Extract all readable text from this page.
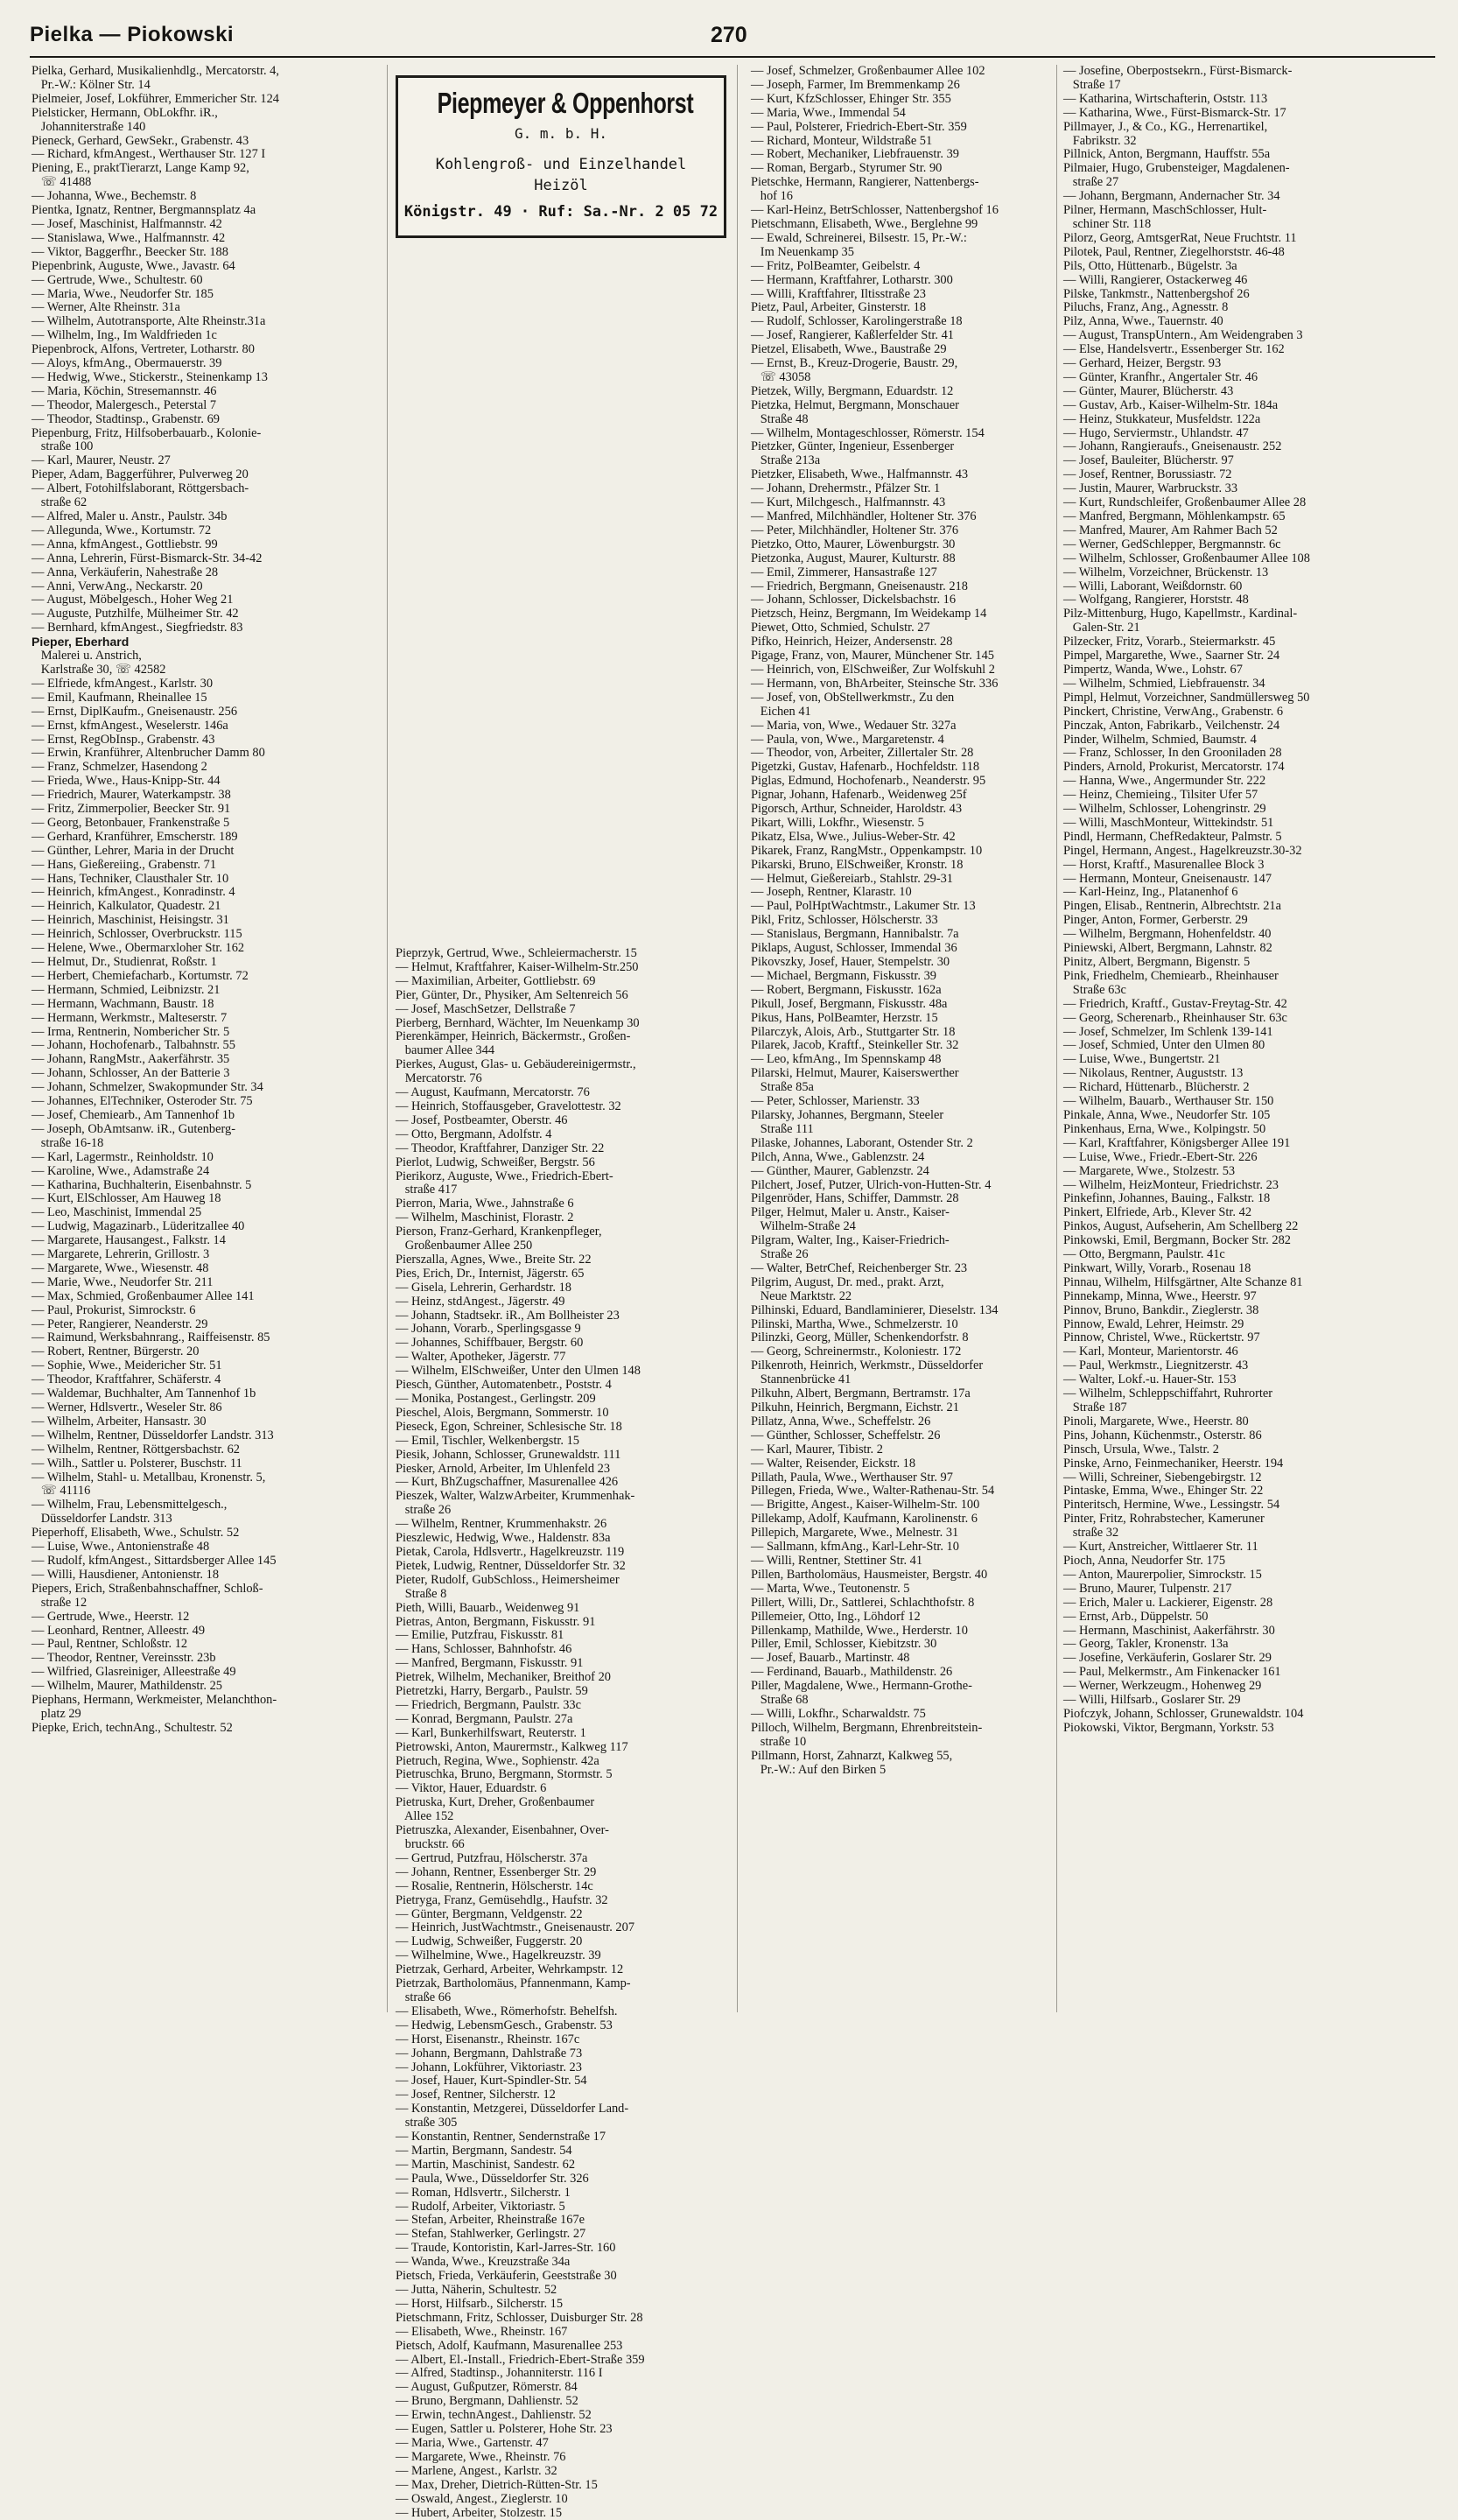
Pielka — Piokowski	270

Pielka, Gerhard, Musikalienhdlg., Mercatorstr. 4,

Pr.-W.: Kölner Str. 14

Pielmeier, Josef, Lokführer, Emmericher Str. 124

Pielsticker, Hermann, ObLokfhr. iR.,

Johanniterstraße 140

Pieneck, Gerhard, GewSekr., Grabenstr. 43

— Richard, kfmAngest., Werthauser Str. 127 I

Piening, E., praktTierarzt, Lange Kamp 92,

☏ 41488

— Johanna, Wwe., Bechemstr. 8

Pientka, Ignatz, Rentner, Bergmannsplatz 4a

— Josef, Maschinist, Halfmannstr. 42

— Stanislawa, Wwe., Halfmannstr. 42

— Viktor, Baggerfhr., Beecker Str. 188

Piepenbrink, Auguste, Wwe., Javastr. 64

— Gertrude, Wwe., Schultestr. 60

— Maria, Wwe., Neudorfer Str. 185

— Werner, Alte Rheinstr. 31a

— Wilhelm, Autotransporte, Alte Rheinstr.31a

— Wilhelm, Ing., Im Waldfrieden 1c

Piepenbrock, Alfons, Vertreter, Lotharstr. 80

— Aloys, kfmAng., Obermauerstr. 39

— Hedwig, Wwe., Stickerstr., Steinenkamp 13

— Maria, Köchin, Stresemannstr. 46

— Theodor, Malergesch., Peterstal 7

— Theodor, Stadtinsp., Grabenstr. 69

Piepenburg, Fritz, Hilfsoberbauarb., Kolonie-

straße 100

— Karl, Maurer, Neustr. 27

Pieper, Adam, Baggerführer, Pulverweg 20

— Albert, Fotohilfslaborant, Röttgersbach-

straße 62

— Alfred, Maler u. Anstr., Paulstr. 34b

— Allegunda, Wwe., Kortumstr. 72

— Anna, kfmAngest., Gottliebstr. 99

— Anna, Lehrerin, Fürst-Bismarck-Str. 34-42

— Anna, Verkäuferin, Nahestraße 28

— Anni, VerwAng., Neckarstr. 20

— August, Möbelgesch., Hoher Weg 21

— Auguste, Putzhilfe, Mülheimer Str. 42

— Bernhard, kfmAngest., Siegfriedstr. 83

Pieper, Eberhard

Malerei u. Anstrich,

Karlstraße 30, ☏ 42582

— Elfriede, kfmAngest., Karlstr. 30

— Emil, Kaufmann, Rheinallee 15

— Ernst, DiplKaufm., Gneisenaustr. 256

— Ernst, kfmAngest., Weselerstr. 146a

— Ernst, RegObInsp., Grabenstr. 43

— Erwin, Kranführer, Altenbrucher Damm 80

— Franz, Schmelzer, Hasendong 2

— Frieda, Wwe., Haus-Knipp-Str. 44

— Friedrich, Maurer, Waterkampstr. 38

— Fritz, Zimmerpolier, Beecker Str. 91

— Georg, Betonbauer, Frankenstraße 5

— Gerhard, Kranführer, Emscherstr. 189

— Günther, Lehrer, Maria in der Drucht

— Hans, Gießereiing., Grabenstr. 71

— Hans, Techniker, Clausthaler Str. 10

— Heinrich, kfmAngest., Konradinstr. 4

— Heinrich, Kalkulator, Quadestr. 21

— Heinrich, Maschinist, Heisingstr. 31

— Heinrich, Schlosser, Overbruckstr. 115

— Helene, Wwe., Obermarxloher Str. 162

— Helmut, Dr., Studienrat, Roßstr. 1

— Herbert, Chemiefacharb., Kortumstr. 72

— Hermann, Schmied, Leibnizstr. 21

— Hermann, Wachmann, Baustr. 18

— Hermann, Werkmstr., Malteserstr. 7

— Irma, Rentnerin, Nombericher Str. 5

— Johann, Hochofenarb., Talbahnstr. 55

— Johann, RangMstr., Aakerfährstr. 35

— Johann, Schlosser, An der Batterie 3

— Johann, Schmelzer, Swakopmunder Str. 34

— Johannes, ElTechniker, Osteroder Str. 75

— Josef, Chemiearb., Am Tannenhof 1b

— Joseph, ObAmtsanw. iR., Gutenberg-

straße 16-18

— Karl, Lagermstr., Reinholdstr. 10

— Karoline, Wwe., Adamstraße 24

— Katharina, Buchhalterin, Eisenbahnstr. 5

— Kurt, ElSchlosser, Am Hauweg 18

— Leo, Maschinist, Immendal 25

— Ludwig, Magazinarb., Lüderitzallee 40

— Margarete, Hausangest., Falkstr. 14

— Margarete, Lehrerin, Grillostr. 3

— Margarete, Wwe., Wiesenstr. 48

— Marie, Wwe., Neudorfer Str. 211

— Max, Schmied, Großenbaumer Allee 141

— Paul, Prokurist, Simrockstr. 6

— Peter, Rangierer, Neanderstr. 29

— Raimund, Werksbahnrang., Raiffeisenstr. 85

— Robert, Rentner, Bürgerstr. 20

— Sophie, Wwe., Meidericher Str. 51

— Theodor, Kraftfahrer, Schäferstr. 4

— Waldemar, Buchhalter, Am Tannenhof 1b

— Werner, Hdlsvertr., Weseler Str. 86

— Wilhelm, Arbeiter, Hansastr. 30

— Wilhelm, Rentner, Düsseldorfer Landstr. 313

— Wilhelm, Rentner, Röttgersbachstr. 62

— Wilh., Sattler u. Polsterer, Buschstr. 11

— Wilhelm, Stahl- u. Metallbau, Kronenstr. 5,

☏ 41116

— Wilhelm, Frau, Lebensmittelgesch.,

Düsseldorfer Landstr. 313

Pieperhoff, Elisabeth, Wwe., Schulstr. 52

— Luise, Wwe., Antonienstraße 48

— Rudolf, kfmAngest., Sittardsberger Allee 145

— Willi, Hausdiener, Antonienstr. 18

Piepers, Erich, Straßenbahnschaffner, Schloß-

straße 12

— Gertrude, Wwe., Heerstr. 12

— Leonhard, Rentner, Alleestr. 49

— Paul, Rentner, Schloßstr. 12

— Theodor, Rentner, Vereinsstr. 23b

— Wilfried, Glasreiniger, Alleestraße 49

— Wilhelm, Maurer, Mathildenstr. 25

Piephans, Hermann, Werkmeister, Melanchthon-

platz 29

Piepke, Erich, technAng., Schultestr. 52

Piepmeyer & Oppenhorst
G. m. b. H.
Kohlengroß- und Einzelhandel
Heizöl
Königstr. 49 · Ruf: Sa.-Nr. 2 05 72

Pieprzyk, Gertrud, Wwe., Schleiermacherstr. 15

— Helmut, Kraftfahrer, Kaiser-Wilhelm-Str.250

— Maximilian, Arbeiter, Gottliebstr. 69

Pier, Günter, Dr., Physiker, Am Seltenreich 56

— Josef, MaschSetzer, Dellstraße 7

Pierberg, Bernhard, Wächter, Im Neuenkamp 30

Pierenkämper, Heinrich, Bäckermstr., Großen-

baumer Allee 344

Pierkes, August, Glas- u. Gebäudereinigermstr.,

Mercatorstr. 76

— August, Kaufmann, Mercatorstr. 76

— Heinrich, Stoffausgeber, Gravelottestr. 32

— Josef, Postbeamter, Oberstr. 46

— Otto, Bergmann, Adolfstr. 4

— Theodor, Kraftfahrer, Danziger Str. 22

Pierlot, Ludwig, Schweißer, Bergstr. 56

Pierikorz, Auguste, Wwe., Friedrich-Ebert-

straße 417

Pierron, Maria, Wwe., Jahnstraße 6

— Wilhelm, Maschinist, Florastr. 2

Pierson, Franz-Gerhard, Krankenpfleger,

Großenbaumer Allee 250

Pierszalla, Agnes, Wwe., Breite Str. 22

Pies, Erich, Dr., Internist, Jägerstr. 65

— Gisela, Lehrerin, Gerhardstr. 18

— Heinz, stdAngest., Jägerstr. 49

— Johann, Stadtsekr. iR., Am Bollheister 23

— Johann, Vorarb., Sperlingsgasse 9

— Johannes, Schiffbauer, Bergstr. 60

— Walter, Apotheker, Jägerstr. 77

— Wilhelm, ElSchweißer, Unter den Ulmen 148

Piesch, Günther, Automatenbetr., Poststr. 4

— Monika, Postangest., Gerlingstr. 209

Pieschel, Alois, Bergmann, Sommerstr. 10

Pieseck, Egon, Schreiner, Schlesische Str. 18

— Emil, Tischler, Welkenbergstr. 15

Piesik, Johann, Schlosser, Grunewaldstr. 111

Piesker, Arnold, Arbeiter, Im Uhlenfeld 23

— Kurt, BhZugschaffner, Masurenallee 426

Pieszek, Walter, WalzwArbeiter, Krummenhak-

straße 26

— Wilhelm, Rentner, Krummenhakstr. 26

Pieszlewic, Hedwig, Wwe., Haldenstr. 83a

Pietak, Carola, Hdlsvertr., Hagelkreuzstr. 119

Pietek, Ludwig, Rentner, Düsseldorfer Str. 32

Pieter, Rudolf, GubSchloss., Heimersheimer

Straße 8

Pieth, Willi, Bauarb., Weidenweg 91

Pietras, Anton, Bergmann, Fiskusstr. 91

— Emilie, Putzfrau, Fiskusstr. 81

— Hans, Schlosser, Bahnhofstr. 46

— Manfred, Bergmann, Fiskusstr. 91

Pietrek, Wilhelm, Mechaniker, Breithof 20

Pietretzki, Harry, Bergarb., Paulstr. 59

— Friedrich, Bergmann, Paulstr. 33c

— Konrad, Bergmann, Paulstr. 27a

— Karl, Bunkerhilfswart, Reuterstr. 1

Pietrowski, Anton, Maurermstr., Kalkweg 117

Pietruch, Regina, Wwe., Sophienstr. 42a

Pietruschka, Bruno, Bergmann, Stormstr. 5

— Viktor, Hauer, Eduardstr. 6

Pietruska, Kurt, Dreher, Großenbaumer

Allee 152

Pietruszka, Alexander, Eisenbahner, Over-

bruckstr. 66

— Gertrud, Putzfrau, Hölscherstr. 37a

— Johann, Rentner, Essenberger Str. 29

— Rosalie, Rentnerin, Hölscherstr. 14c

Pietryga, Franz, Gemüsehdlg., Haufstr. 32

— Günter, Bergmann, Veldgenstr. 22

— Heinrich, JustWachtmstr., Gneisenaustr. 207

— Ludwig, Schweißer, Fuggerstr. 20

— Wilhelmine, Wwe., Hagelkreuzstr. 39

Pietrzak, Gerhard, Arbeiter, Wehrkampstr. 12

Pietrzak, Bartholomäus, Pfannenmann, Kamp-

straße 66

— Elisabeth, Wwe., Römerhofstr. Behelfsh.

— Hedwig, LebensmGesch., Grabenstr. 53

— Horst, Eisenanstr., Rheinstr. 167c

— Johann, Bergmann, Dahlstraße 73

— Johann, Lokführer, Viktoriastr. 23

— Josef, Hauer, Kurt-Spindler-Str. 54

— Josef, Rentner, Silcherstr. 12

— Konstantin, Metzgerei, Düsseldorfer Land-

straße 305

— Konstantin, Rentner, Sendernstraße 17

— Martin, Bergmann, Sandestr. 54

— Martin, Maschinist, Sandestr. 62

— Paula, Wwe., Düsseldorfer Str. 326

— Roman, Hdlsvertr., Silcherstr. 1

— Rudolf, Arbeiter, Viktoriastr. 5

— Stefan, Arbeiter, Rheinstraße 167e

— Stefan, Stahlwerker, Gerlingstr. 27

— Traude, Kontoristin, Karl-Jarres-Str. 160

— Wanda, Wwe., Kreuzstraße 34a

Pietsch, Frieda, Verkäuferin, Geeststraße 30

— Jutta, Näherin, Schultestr. 52

— Horst, Hilfsarb., Silcherstr. 15

Pietschmann, Fritz, Schlosser, Duisburger Str. 28

— Elisabeth, Wwe., Rheinstr. 167

Pietsch, Adolf, Kaufmann, Masurenallee 253

— Albert, El.-Install., Friedrich-Ebert-Straße 359

— Alfred, Stadtinsp., Johanniterstr. 116 I

— August, Gußputzer, Römerstr. 84

— Bruno, Bergmann, Dahlienstr. 52

— Erwin, technAngest., Dahlienstr. 52

— Eugen, Sattler u. Polsterer, Hohe Str. 23

— Maria, Wwe., Gartenstr. 47

— Margarete, Wwe., Rheinstr. 76

— Marlene, Angest., Karlstr. 32

— Max, Dreher, Dietrich-Rütten-Str. 15

— Oswald, Angest., Zieglerstr. 10

— Hubert, Arbeiter, Stolzestr. 15

— Josef, Schmelzer, Großenbaumer Allee 102

— Joseph, Farmer, Im Bremmenkamp 26

— Kurt, KfzSchlosser, Ehinger Str. 355

— Maria, Wwe., Immendal 54

— Paul, Polsterer, Friedrich-Ebert-Str. 359

— Richard, Monteur, Wildstraße 51

— Robert, Mechaniker, Liebfrauenstr. 39

— Roman, Bergarb., Styrumer Str. 90

Pietschke, Hermann, Rangierer, Nattenbergs-

hof 16

— Karl-Heinz, BetrSchlosser, Nattenbergshof 16

Pietschmann, Elisabeth, Wwe., Berglehne 99

— Ewald, Schreinerei, Bilsestr. 15, Pr.-W.:

Im Neuenkamp 35

— Fritz, PolBeamter, Geibelstr. 4

— Hermann, Kraftfahrer, Lotharstr. 300

— Willi, Kraftfahrer, Iltisstraße 23

Pietz, Paul, Arbeiter, Ginsterstr. 18

— Rudolf, Schlosser, Karolingerstraße 18

— Josef, Rangierer, Kaßlerfelder Str. 41

Pietzel, Elisabeth, Wwe., Baustraße 29

— Ernst, B., Kreuz-Drogerie, Baustr. 29,

☏ 43058

Pietzek, Willy, Bergmann, Eduardstr. 12

Pietzka, Helmut, Bergmann, Monschauer

Straße 48

— Wilhelm, Montageschlosser, Römerstr. 154

Pietzker, Günter, Ingenieur, Essenberger

Straße 213a

Pietzker, Elisabeth, Wwe., Halfmannstr. 43

— Johann, Drehermstr., Pfälzer Str. 1

— Kurt, Milchgesch., Halfmannstr. 43

— Manfred, Milchhändler, Holtener Str. 376

— Peter, Milchhändler, Holtener Str. 376

Pietzko, Otto, Maurer, Löwenburgstr. 30

Pietzonka, August, Maurer, Kulturstr. 88

— Emil, Zimmerer, Hansastraße 127

— Friedrich, Bergmann, Gneisenaustr. 218

— Johann, Schlosser, Dickelsbachstr. 16

Pietzsch, Heinz, Bergmann, Im Weidekamp 14

Piewet, Otto, Schmied, Schulstr. 27

Pifko, Heinrich, Heizer, Andersenstr. 28

Pigage, Franz, von, Maurer, Münchener Str. 145

— Heinrich, von, ElSchweißer, Zur Wolfskuhl 2

— Hermann, von, BhArbeiter, Steinsche Str. 336

— Josef, von, ObStellwerkmstr., Zu den

Eichen 41

— Maria, von, Wwe., Wedauer Str. 327a

— Paula, von, Wwe., Margaretenstr. 4

— Theodor, von, Arbeiter, Zillertaler Str. 28

Pigetzki, Gustav, Hafenarb., Hochfeldstr. 118

Piglas, Edmund, Hochofenarb., Neanderstr. 95

Pignar, Johann, Hafenarb., Weidenweg 25f

Pigorsch, Arthur, Schneider, Haroldstr. 43

Pikart, Willi, Lokfhr., Wiesenstr. 5

Pikatz, Elsa, Wwe., Julius-Weber-Str. 42

Pikarek, Franz, RangMstr., Oppenkampstr. 10

Pikarski, Bruno, ElSchweißer, Kronstr. 18

— Helmut, Gießereiarb., Stahlstr. 29-31

— Joseph, Rentner, Klarastr. 10

— Paul, PolHptWachtmstr., Lakumer Str. 13

Pikl, Fritz, Schlosser, Hölscherstr. 33

— Stanislaus, Bergmann, Hannibalstr. 7a

Piklaps, August, Schlosser, Immendal 36

Pikovszky, Josef, Hauer, Stempelstr. 30

— Michael, Bergmann, Fiskusstr. 39

— Robert, Bergmann, Fiskusstr. 162a

Pikull, Josef, Bergmann, Fiskusstr. 48a

Pikus, Hans, PolBeamter, Herzstr. 15

Pilarczyk, Alois, Arb., Stuttgarter Str. 18

Pilarek, Jacob, Kraftf., Steinkeller Str. 32

— Leo, kfmAng., Im Spennskamp 48

Pilarski, Helmut, Maurer, Kaiserswerther

Straße 85a

— Peter, Schlosser, Marienstr. 33

Pilarsky, Johannes, Bergmann, Steeler

Straße 111

Pilaske, Johannes, Laborant, Ostender Str. 2

Pilch, Anna, Wwe., Gablenzstr. 24

— Günther, Maurer, Gablenzstr. 24

Pilchert, Josef, Putzer, Ulrich-von-Hutten-Str. 4

Pilgenröder, Hans, Schiffer, Dammstr. 28

Pilger, Helmut, Maler u. Anstr., Kaiser-

Wilhelm-Straße 24

Pilgram, Walter, Ing., Kaiser-Friedrich-

Straße 26

— Walter, BetrChef, Reichenberger Str. 23

Pilgrim, August, Dr. med., prakt. Arzt,

Neue Marktstr. 22

Pilhinski, Eduard, Bandlaminierer, Dieselstr. 134

Pilinski, Martha, Wwe., Schmelzerstr. 10

Pilinzki, Georg, Müller, Schenkendorfstr. 8

— Georg, Schreinermstr., Koloniestr. 172

Pilkenroth, Heinrich, Werkmstr., Düsseldorfer

Stannenbrücke 41

Pilkuhn, Albert, Bergmann, Bertramstr. 17a

Pilkuhn, Heinrich, Bergmann, Eichstr. 21

Pillatz, Anna, Wwe., Scheffelstr. 26

— Günther, Schlosser, Scheffelstr. 26

— Karl, Maurer, Tibistr. 2

— Walter, Reisender, Eickstr. 18

Pillath, Paula, Wwe., Werthauser Str. 97

Pillegen, Frieda, Wwe., Walter-Rathenau-Str. 54

— Brigitte, Angest., Kaiser-Wilhelm-Str. 100

Pillekamp, Adolf, Kaufmann, Karolinenstr. 6

Pillepich, Margarete, Wwe., Melnestr. 31

— Sallmann, kfmAng., Karl-Lehr-Str. 10

— Willi, Rentner, Stettiner Str. 41

Pillen, Bartholomäus, Hausmeister, Bergstr. 40

— Marta, Wwe., Teutonenstr. 5

Pillert, Willi, Dr., Sattlerei, Schlachthofstr. 8

Pillemeier, Otto, Ing., Löhdorf 12

Pillenkamp, Mathilde, Wwe., Herderstr. 10

Piller, Emil, Schlosser, Kiebitzstr. 30

— Josef, Bauarb., Martinstr. 48

— Ferdinand, Bauarb., Mathildenstr. 26

Piller, Magdalene, Wwe., Hermann-Grothe-

Straße 68

— Willi, Lokfhr., Scharwaldstr. 75

Pilloch, Wilhelm, Bergmann, Ehrenbreitstein-

straße 10

Pillmann, Horst, Zahnarzt, Kalkweg 55,

Pr.-W.: Auf den Birken 5

— Josefine, Oberpostsekrn., Fürst-Bismarck-

Straße 17

— Katharina, Wirtschafterin, Oststr. 113

— Katharina, Wwe., Fürst-Bismarck-Str. 17

Pillmayer, J., & Co., KG., Herrenartikel,

Fabrikstr. 32

Pillnick, Anton, Bergmann, Hauffstr. 55a

Pilmaier, Hugo, Grubensteiger, Magdalenen-

straße 27

— Johann, Bergmann, Andernacher Str. 34

Pilner, Hermann, MaschSchlosser, Hult-

schiner Str. 118

Pilorz, Georg, AmtsgerRat, Neue Fruchtstr. 11

Pilotek, Paul, Rentner, Ziegelhorststr. 46-48

Pils, Otto, Hüttenarb., Bügelstr. 3a

— Willi, Rangierer, Ostackerweg 46

Pilske, Tankmstr., Nattenbergshof 26

Piluchs, Franz, Ang., Agnesstr. 8

Pilz, Anna, Wwe., Tauernstr. 40

— August, TranspUntern., Am Weidengraben 3

— Else, Handelsvertr., Essenberger Str. 162

— Gerhard, Heizer, Bergstr. 93

— Günter, Kranfhr., Angertaler Str. 46

— Günter, Maurer, Blücherstr. 43

— Gustav, Arb., Kaiser-Wilhelm-Str. 184a

— Heinz, Stukkateur, Musfeldstr. 122a

— Hugo, Serviermstr., Uhlandstr. 47

— Johann, Rangieraufs., Gneisenaustr. 252

— Josef, Bauleiter, Blücherstr. 97

— Josef, Rentner, Borussiastr. 72

— Justin, Maurer, Warbruckstr. 33

— Kurt, Rundschleifer, Großenbaumer Allee 28

— Manfred, Bergmann, Möhlenkampstr. 65

— Manfred, Maurer, Am Rahmer Bach 52

— Werner, GedSchlepper, Bergmannstr. 6c

— Wilhelm, Schlosser, Großenbaumer Allee 108

— Wilhelm, Vorzeichner, Brückenstr. 13

— Willi, Laborant, Weißdornstr. 60

— Wolfgang, Rangierer, Horststr. 48

Pilz-Mittenburg, Hugo, Kapellmstr., Kardinal-

Galen-Str. 21

Pilzecker, Fritz, Vorarb., Steiermarkstr. 45

Pimpel, Margarethe, Wwe., Saarner Str. 24

Pimpertz, Wanda, Wwe., Lohstr. 67

— Wilhelm, Schmied, Liebfrauenstr. 34

Pimpl, Helmut, Vorzeichner, Sandmüllersweg 50

Pinckert, Christine, VerwAng., Grabenstr. 6

Pinczak, Anton, Fabrikarb., Veilchenstr. 24

Pinder, Wilhelm, Schmied, Baumstr. 4

— Franz, Schlosser, In den Grooniladen 28

Pinders, Arnold, Prokurist, Mercatorstr. 174

— Hanna, Wwe., Angermunder Str. 222

— Heinz, Chemieing., Tilsiter Ufer 57

— Wilhelm, Schlosser, Lohengrinstr. 29

— Willi, MaschMonteur, Wittekindstr. 51

Pindl, Hermann, ChefRedakteur, Palmstr. 5

Pingel, Hermann, Angest., Hagelkreuzstr.30-32

— Horst, Kraftf., Masurenallee Block 3

— Hermann, Monteur, Gneisenaustr. 147

— Karl-Heinz, Ing., Platanenhof 6

Pingen, Elisab., Rentnerin, Albrechtstr. 21a

Pinger, Anton, Former, Gerberstr. 29

— Wilhelm, Bergmann, Hohenfeldstr. 40

Piniewski, Albert, Bergmann, Lahnstr. 82

Pinitz, Albert, Bergmann, Bigenstr. 5

Pink, Friedhelm, Chemiearb., Rheinhauser

Straße 63c

— Friedrich, Kraftf., Gustav-Freytag-Str. 42

— Georg, Scherenarb., Rheinhauser Str. 63c

— Josef, Schmelzer, Im Schlenk 139-141

— Josef, Schmied, Unter den Ulmen 80

— Luise, Wwe., Bungertstr. 21

— Nikolaus, Rentner, Auguststr. 13

— Richard, Hüttenarb., Blücherstr. 2

— Wilhelm, Bauarb., Werthauser Str. 150

Pinkale, Anna, Wwe., Neudorfer Str. 105

Pinkenhaus, Erna, Wwe., Kolpingstr. 50

— Karl, Kraftfahrer, Königsberger Allee 191

— Luise, Wwe., Friedr.-Ebert-Str. 226

— Margarete, Wwe., Stolzestr. 53

— Wilhelm, HeizMonteur, Friedrichstr. 23

Pinkefinn, Johannes, Bauing., Falkstr. 18

Pinkert, Elfriede, Arb., Klever Str. 42

Pinkos, August, Aufseherin, Am Schellberg 22

Pinkowski, Emil, Bergmann, Bocker Str. 282

— Otto, Bergmann, Paulstr. 41c

Pinkwart, Willy, Vorarb., Rosenau 18

Pinnau, Wilhelm, Hilfsgärtner, Alte Schanze 81

Pinnekamp, Minna, Wwe., Heerstr. 97

Pinnov, Bruno, Bankdir., Zieglerstr. 38

Pinnow, Ewald, Lehrer, Heimstr. 29

Pinnow, Christel, Wwe., Rückertstr. 97

— Karl, Monteur, Marientorstr. 46

— Paul, Werkmstr., Liegnitzerstr. 43

— Walter, Lokf.-u. Hauer-Str. 153

— Wilhelm, Schleppschiffahrt, Ruhrorter

Straße 187

Pinoli, Margarete, Wwe., Heerstr. 80

Pins, Johann, Küchenmstr., Osterstr. 86

Pinsch, Ursula, Wwe., Talstr. 2

Pinske, Arno, Feinmechaniker, Heerstr. 194

— Willi, Schreiner, Siebengebirgstr. 12

Pintaske, Emma, Wwe., Ehinger Str. 22

Pinteritsch, Hermine, Wwe., Lessingstr. 54

Pinter, Fritz, Rohrabstecher, Kameruner

straße 32

— Kurt, Anstreicher, Wittlaerer Str. 11

Pioch, Anna, Neudorfer Str. 175

— Anton, Maurerpolier, Simrockstr. 15

— Bruno, Maurer, Tulpenstr. 217

— Erich, Maler u. Lackierer, Eigenstr. 28

— Ernst, Arb., Düppelstr. 50

— Hermann, Maschinist, Aakerfährstr. 30

— Georg, Takler, Kronenstr. 13a

— Josefine, Verkäuferin, Goslarer Str. 29

— Paul, Melkermstr., Am Finkenacker 161

— Werner, Werkzeugm., Hohenweg 29

— Willi, Hilfsarb., Goslarer Str. 29

Piofczyk, Johann, Schlosser, Grunewaldstr. 104

Piokowski, Viktor, Bergmann, Yorkstr. 53
